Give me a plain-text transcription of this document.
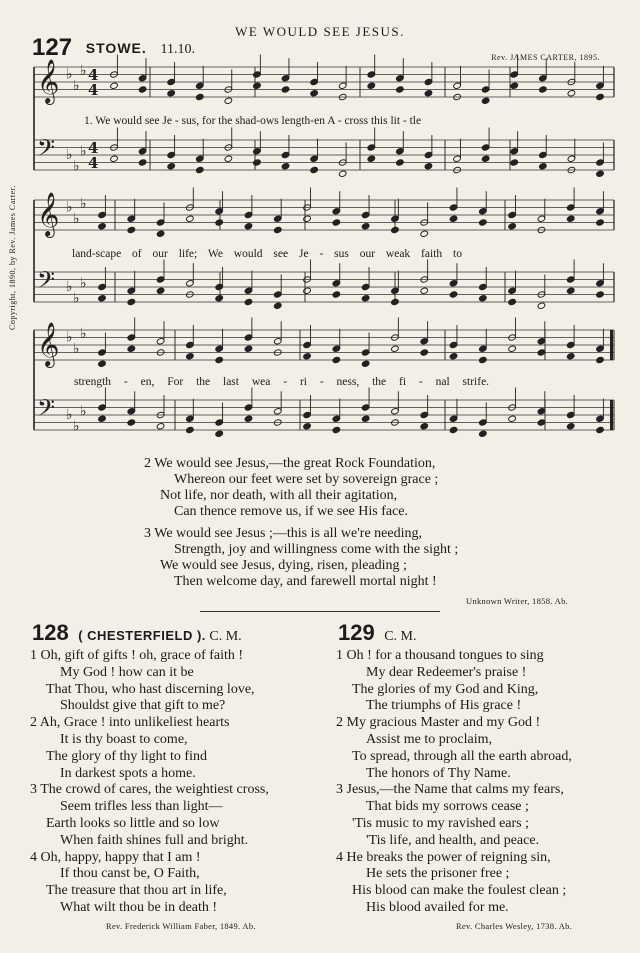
WE WOULD SEE JESUS.
127 STOWE. 11.10.
Rev. JAMES CARTER, 1895.
Copyright, 1890, by Rev. James Carter.
𝄞 ♭
♭
♭ 4
4
𝄢 ♭
♭
♭ 4
4
𝄞 ♭
♭
♭
𝄢 ♭
♭
♭
𝄞 ♭
♭
♭
𝄢 ♭
♭
♭
1. We would see Je - sus, for the shad-ows length-en A - cross this lit - tle
land-scape of our life; We would see Je - sus our weak faith to
strength - en, For the last wea - ri - ness, the fi - nal strife.
2 We would see Jesus,—the great Rock Foundation,
Whereon our feet were set by sovereign grace ;
Not life, nor death, with all their agitation,
Can thence remove us, if we see His face.
3 We would see Jesus ;—this is all we're needing,
Strength, joy and willingness come with the sight ;
We would see Jesus, dying, risen, pleading ;
Then welcome day, and farewell mortal night !
Unknown Writer, 1858. Ab.
128 ( CHESTERFIELD ). C. M.
1 Oh, gift of gifts ! oh, grace of faith !
My God ! how can it be
That Thou, who hast discerning love,
Shouldst give that gift to me?
2 Ah, Grace ! into unlikeliest hearts
It is thy boast to come,
The glory of thy light to find
In darkest spots a home.
3 The crowd of cares, the weightiest cross,
Seem trifles less than light—
Earth looks so little and so low
When faith shines full and bright.
4 Oh, happy, happy that I am !
If thou canst be, O Faith,
The treasure that thou art in life,
What wilt thou be in death !
Rev. Frederick William Faber, 1849. Ab.
129 C. M.
1 Oh ! for a thousand tongues to sing
My dear Redeemer's praise !
The glories of my God and King,
The triumphs of His grace !
2 My gracious Master and my God !
Assist me to proclaim,
To spread, through all the earth abroad,
The honors of Thy Name.
3 Jesus,—the Name that calms my fears,
That bids my sorrows cease ;
'Tis music to my ravished ears ;
'Tis life, and health, and peace.
4 He breaks the power of reigning sin,
He sets the prisoner free ;
His blood can make the foulest clean ;
His blood availed for me.
Rev. Charles Wesley, 1738. Ab.
